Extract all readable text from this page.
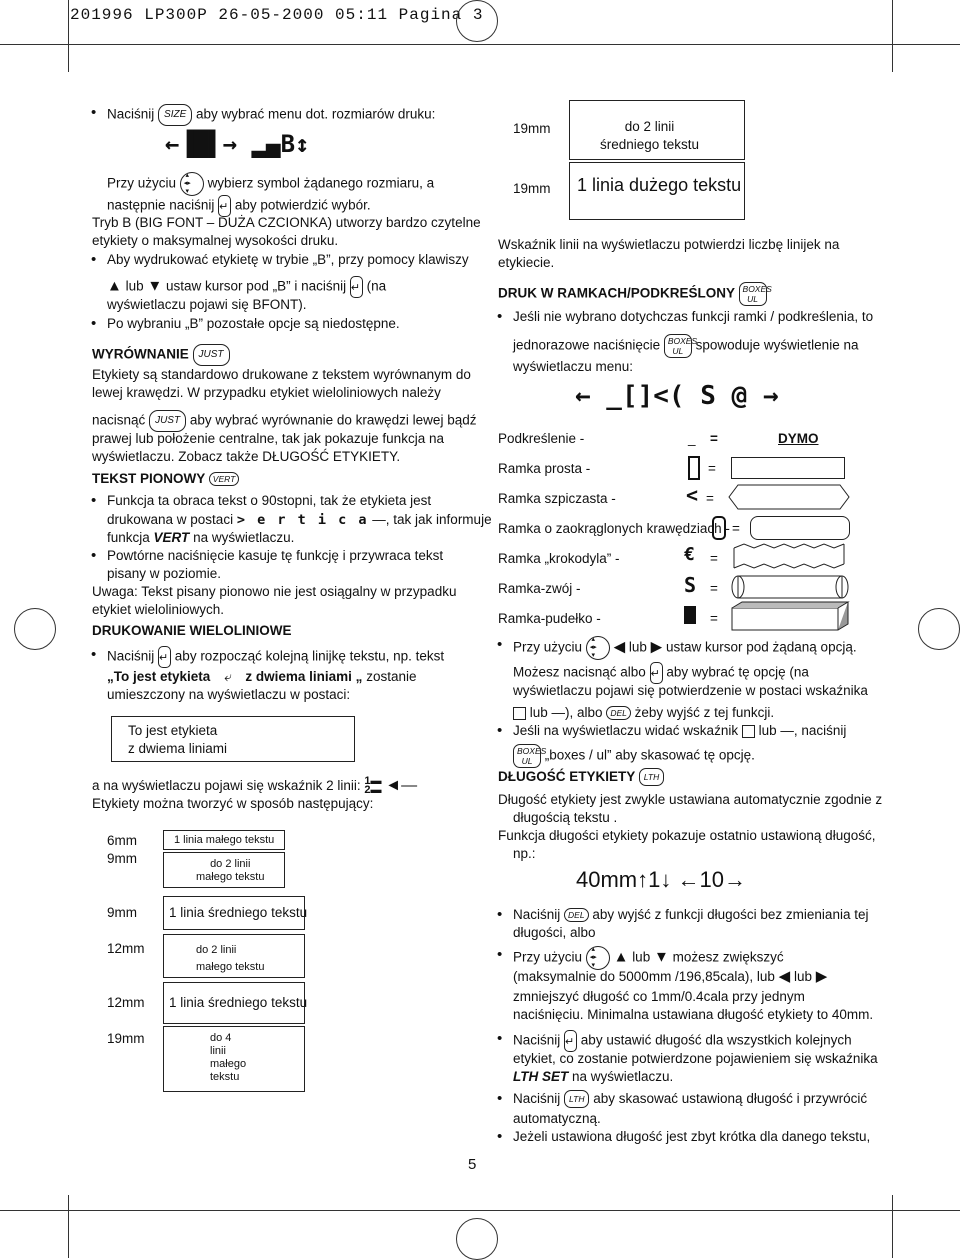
201996 LP300P 26-05-2000 05:11 Pagina 3
5
• Naciśnij SIZE aby wybrać menu dot. rozmiarów druku:
←▐█▌→ ▂▄B↕
Przy użyciu ▴ ◂▸ ▾ wybierz symbol żądanego rozmiaru, a
następnie naciśnij ↵ aby potwierdzić wybór.
Tryb B (BIG FONT – DUŻA CZCIONKA) utworzy bardzo czytelne
etykiety o maksymalnej wysokości druku.
• Aby wydrukować etykietę w trybie „B”, przy pomocy klawiszy
▲ lub ▼ ustaw kursor pod „B” i naciśnij ↵ (na
wyświetlaczu pojawi się BFONT).
• Po wybraniu „B” pozostałe opcje są niedostępne.
WYRÓWNANIE JUST
Etykiety są standardowo drukowane z tekstem wyrównanym do
lewej krawędzi. W przypadku etykiet wieloliniowych należy
nacisnąć JUST aby wybrać wyrównanie do krawędzi lewej bądź
prawej lub położenie centralne, tak jak pokazuje funkcja na
wyświetlaczu. Zobacz także DŁUGOŚĆ ETYKIETY.
TEKST PIONOWY VERT
• Funkcja ta obraca tekst o 90stopni, tak że etykieta jest
drukowana w postaci > e r t i c a —, tak jak informuje
funkcja VERT na wyświetlaczu.
• Powtórne naciśnięcie kasuje tę funkcję i przywraca tekst
pisany w poziomie.
Uwaga: Tekst pisany pionowo nie jest osiągalny w przypadku
etykiet wieloliniowych.
DRUKOWANIE WIELOLINIOWE
• Naciśnij ↵ aby rozpocząć kolejną linijkę tekstu, np. tekst
„To jest etykieta ⤶ z dwiema liniami „ zostanie
umieszczony na wyświetlaczu w postaci:
To jest etykieta
z dwiema liniami
a na wyświetlaczu pojawi się wskaźnik 2 linii: 1▬
2▬ ◄—
Etykiety można tworzyć w sposób następujący:
6mm	1 linia małego tekstu
9mm	do 2 linii
małego tekstu
9mm 1 linia średniego tekstu
12mm	do 2 linii
małego tekstu
12mm 1 linia średniego tekstu
19mm	do 4
linii
małego
tekstu
19mm	do 2 linii
średniego tekstu
19mm 1 linia dużego tekstu
Wskaźnik linii na wyświetlaczu potwierdzi liczbę linijek na
etykiecie.
DRUK W RAMKACH/PODKREŚLONY BOXES UL
• Jeśli nie wybrano dotychczas funkcji ramki / podkreślenia, to
jednorazowe naciśnięcie BOXES UL spowoduje wyświetlenie na
wyświetlaczu menu:
← _[]<( S @ →
Podkreślenie -	_ =	DYMO
Ramka prosta -	=
Ramka szpiczasta -	< =
Ramka o zaokrąglonych krawędziach - =
Ramka „krokodyla” -	€ =
Ramka-zwój -	S =
Ramka-pudełko -	=
• Przy użyciu ▴ ◂▸ ▾ ◀ lub ▶ ustaw kursor pod żądaną opcją.
Możesz nacisnąć albo ↵ aby wybrać tę opcję (na
wyświetlaczu pojawi się potwierdzenie w postaci wskaźnika
lub —), albo DEL żeby wyjść z tej funkcji.
• Jeśli na wyświetlaczu widać wskaźnik lub —, naciśnij
BOXES UL „boxes / ul” aby skasować tę opcję.
DŁUGOŚĆ ETYKIETY LTH
Długość etykiety jest zwykle ustawiana automatycznie zgodnie z
długością tekstu .
Funkcja długości etykiety pokazuje ostatnio ustawioną długość,
np.:
40mm↑1↓ ←10→
• Naciśnij DEL aby wyjść z funkcji długości bez zmieniania tej
długości, albo
• Przy użyciu ▴ ◂▸ ▾ ▲ lub ▼ możesz zwiększyć
(maksymalnie do 5000mm /196,85cala), lub ◀ lub ▶
zmniejszyć długość co 1mm/0.4cala przy jednym
naciśnięciu. Minimalna ustawiana długość etykiety to 40mm.
• Naciśnij ↵ aby ustawić długość dla wszystkich kolejnych
etykiet, co zostanie potwierdzone pojawieniem się wskaźnika
LTH SET na wyświetlaczu.
• Naciśnij LTH aby skasować ustawioną długość i przywrócić
automatyczną.
• Jeżeli ustawiona długość jest zbyt krótka dla danego tekstu,
